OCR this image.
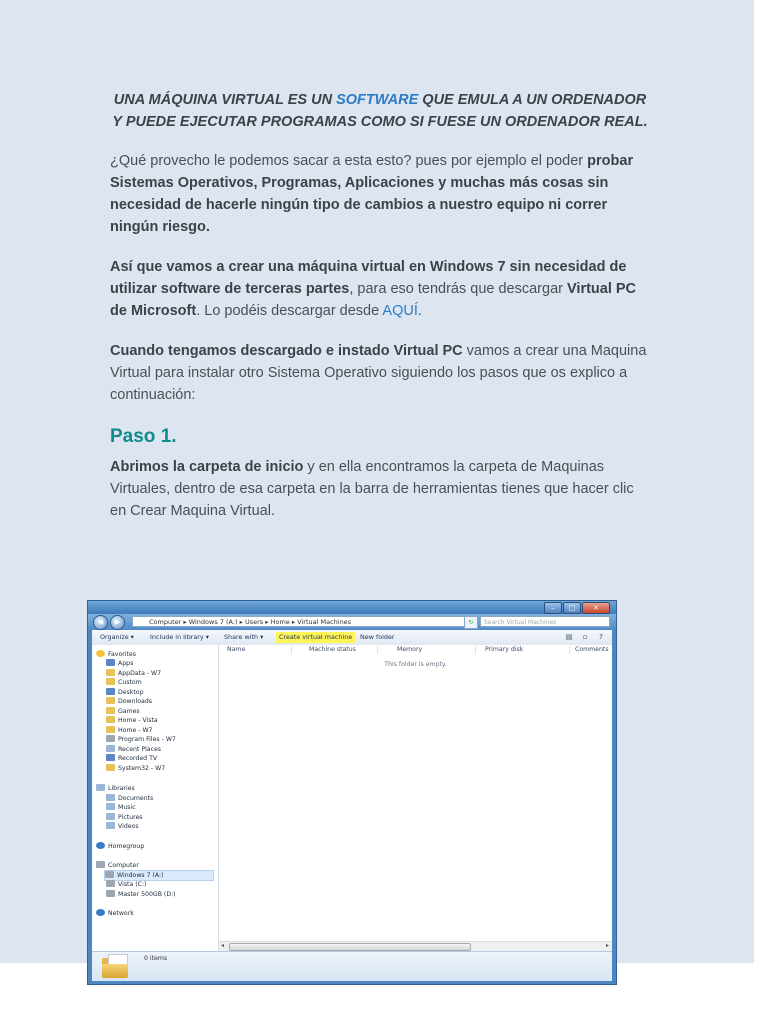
UNA MÁQUINA VIRTUAL ES UN SOFTWARE QUE EMULA A UN ORDENADOR Y PUEDE EJECUTAR PROGRAMAS COMO SI FUESE UN ORDENADOR REAL.

¿Qué provecho le podemos sacar a esta esto? pues por ejemplo el poder probar Sistemas Operativos, Programas, Aplicaciones y muchas más cosas sin necesidad de hacerle ningún tipo de cambios a nuestro equipo ni correr ningún riesgo.

Así que vamos a crear una máquina virtual en Windows 7 sin necesidad de utilizar software de terceras partes, para eso tendrás que descargar Virtual PC de Microsoft. Lo podéis descargar desde AQUÍ.

Cuando tengamos descargado e instado Virtual PC vamos a crear una Maquina Virtual para instalar otro Sistema Operativo siguiendo los pasos que os explico a continuación:

Paso 1.

Abrimos la carpeta de inicio y en ella encontramos la carpeta de Maquinas Virtuales, dentro de esa carpeta en la barra de herramientas tienes que hacer clic en Crear Maquina Virtual.

–	□	✕
◀	▶	Computer ▸ Windows 7 (A:) ▸ Users ▸ Home ▸ Virtual Machines	↻	Search Virtual Machines
Organize ▾	Include in library ▾ Share with ▾	Create virtual machine	New folder	▤	▫	?
Favorites
Apps
AppData - W7
Custom
Desktop
Downloads
Games
Home - Vista
Home - W7
Program Files - W7
Recent Places
Recorded TV
System32 - W7
Libraries
Documents
Music
Pictures
Videos
Homegroup
Computer
Windows 7 (A:)
Vista (C:)
Master 500GB (D:)
Network
Name	Machine status	Memory	Primary disk	Comments
This folder is empty.
◂	▸
0 items
